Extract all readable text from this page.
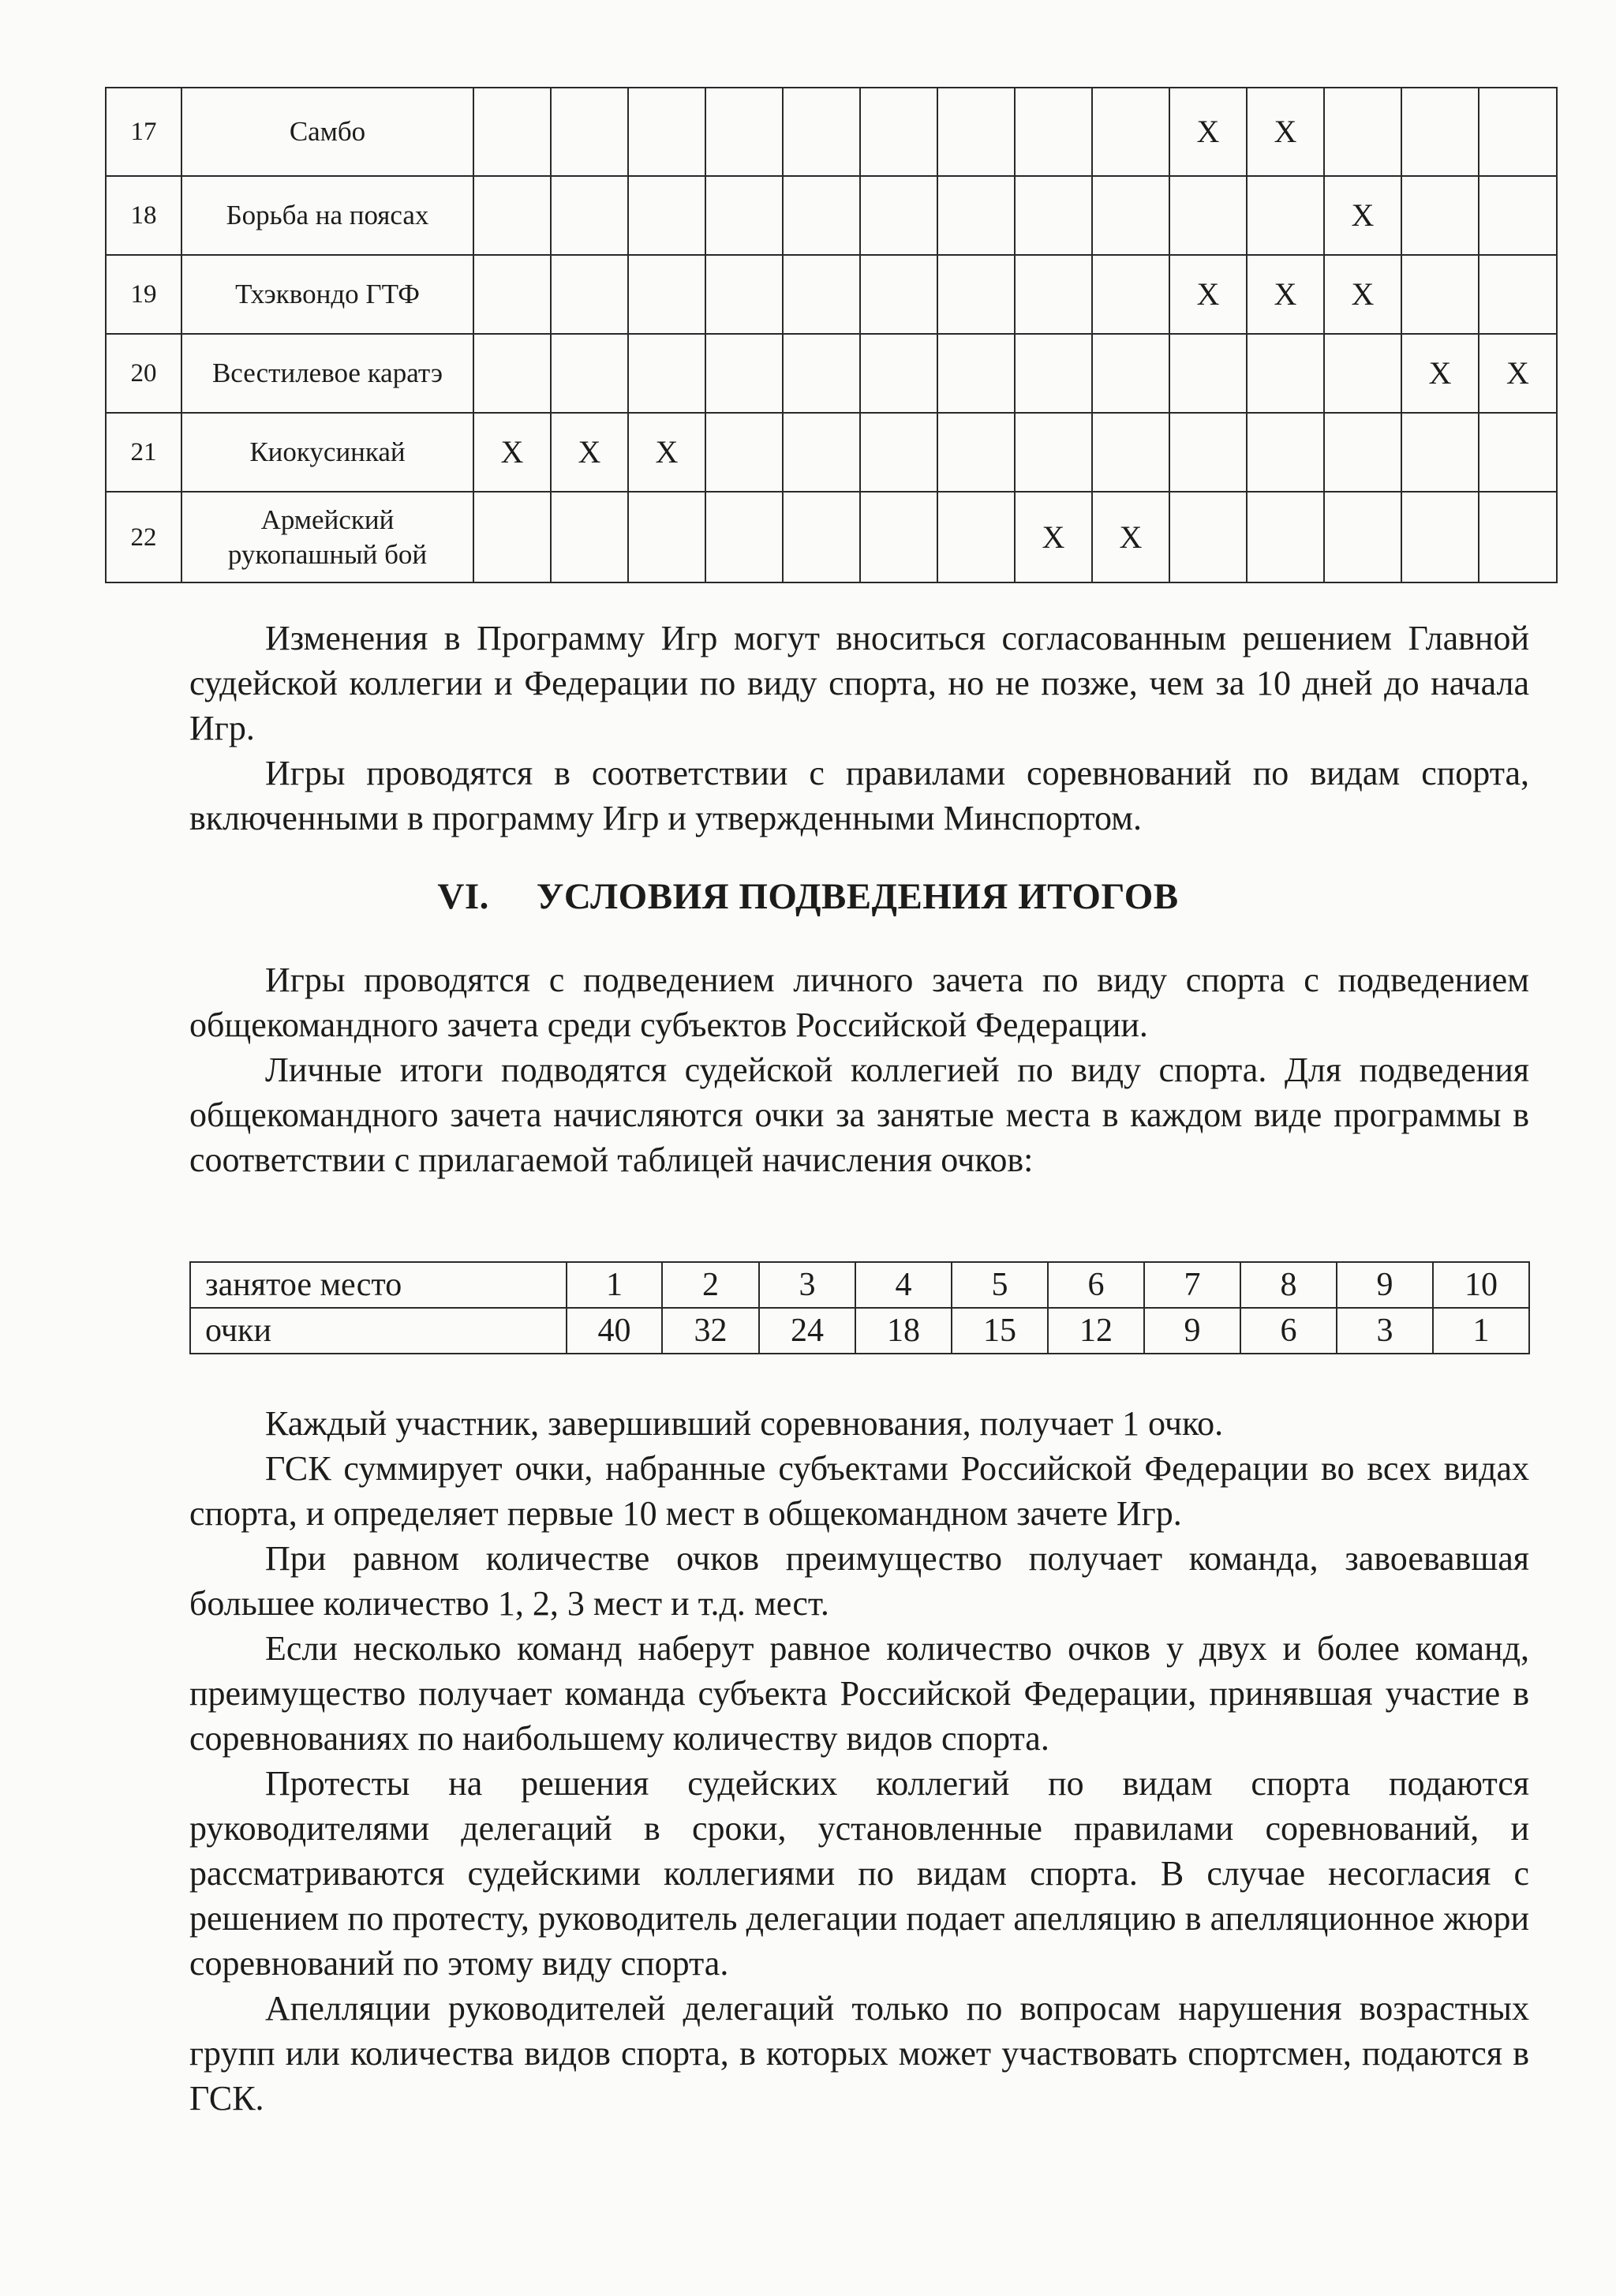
17	Самбо										X	X			
18	Борьба на поясах												X		
19	Тхэквондо ГТФ										X	X	X		
20	Всестилевое каратэ													X	X
21	Киокусинкай	X	X	X											
22	Армейский
рукопашный бой								X	X					

Изменения в Программу Игр могут вноситься согласованным решением Главной судейской коллегии и Федерации по виду спорта, но не позже, чем за 10 дней до начала Игр.

Игры проводятся в соответствии с правилами соревнований по видам спорта, включенными в программу Игр и утвержденными Минспортом.

VI. УСЛОВИЯ ПОДВЕДЕНИЯ ИТОГОВ

Игры проводятся с подведением личного зачета по виду спорта с подведением общекомандного зачета среди субъектов Российской Федерации.

Личные итоги подводятся судейской коллегией по виду спорта. Для подведения общекомандного зачета начисляются очки за занятые места в каждом виде программы в соответствии с прилагаемой таблицей начисления очков:

занятое место	1	2	3	4	5	6	7	8	9	10
очки	40	32	24	18	15	12	9	6	3	1

Каждый участник, завершивший соревнования, получает 1 очко.

ГСК суммирует очки, набранные субъектами Российской Федерации во всех видах спорта, и определяет первые 10 мест в общекомандном зачете Игр.

При равном количестве очков преимущество получает команда, завоевавшая большее количество 1, 2, 3 мест и т.д. мест.

Если несколько команд наберут равное количество очков у двух и более команд, преимущество получает команда субъекта Российской Федерации, принявшая участие в соревнованиях по наибольшему количеству видов спорта.

Протесты на решения судейских коллегий по видам спорта подаются руководителями делегаций в сроки, установленные правилами соревнований, и рассматриваются судейскими коллегиями по видам спорта. В случае несогласия с решением по протесту, руководитель делегации подает апелляцию в апелляционное жюри соревнований по этому виду спорта.

Апелляции руководителей делегаций только по вопросам нарушения возрастных групп или количества видов спорта, в которых может участвовать спортсмен, подаются в ГСК.
